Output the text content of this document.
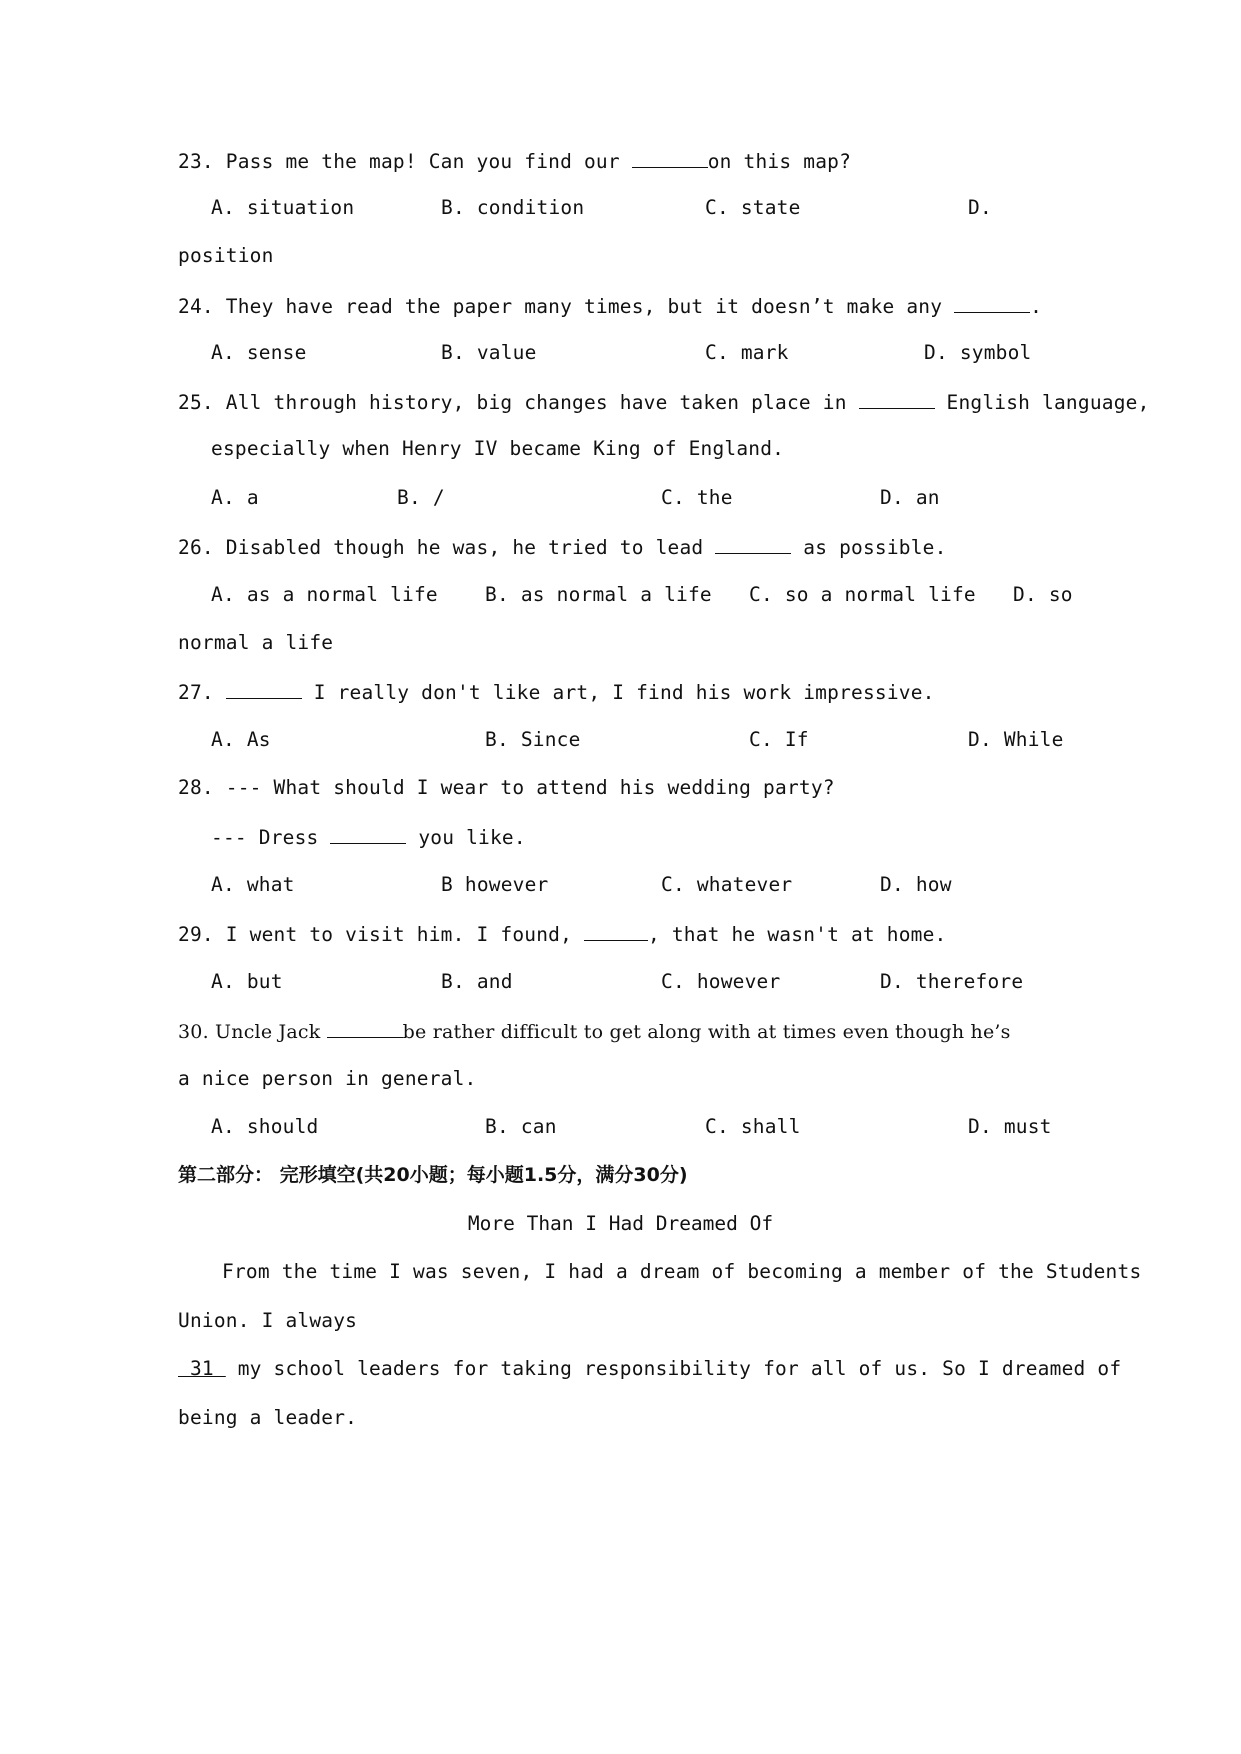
23. Pass me the map! Can you find our	on this map?
A. situation	B. condition	C. state	D.
position
24. They have read the paper many times, but it doesn’t make any	.
A. sense	B. value	C. mark	D. symbol
25. All through history, big changes have taken place in	English language,
especially when Henry IV became King of England.
A. a	B. /	C. the	D. an
26. Disabled though he was, he tried to lead	as possible.
A. as a normal life B. as normal a life C. so a normal life D. so
normal a life
27.	I really don't like art, I find his work impressive.
A. As	B. Since	C. If	D. While
28. --- What should I wear to attend his wedding party?
--- Dress	you like.
A. what	B however	C. whatever	D. how
29. I went to visit him. I found,	, that he wasn't at home.
A. but	B. and	C. however	D. therefore
30. Uncle Jack	be rather difficult to get along with at times even though he’s
a nice person in general.
A. should	B. can	C. shall	D. must
第二部分： 完形填空(共20小题；每小题1.5分，满分30分)
More Than I Had Dreamed Of
From the time I was seven, I had a dream of becoming a member of the Students
Union. I always
31  my school leaders for taking responsibility for all of us. So I dreamed of
being a leader.
